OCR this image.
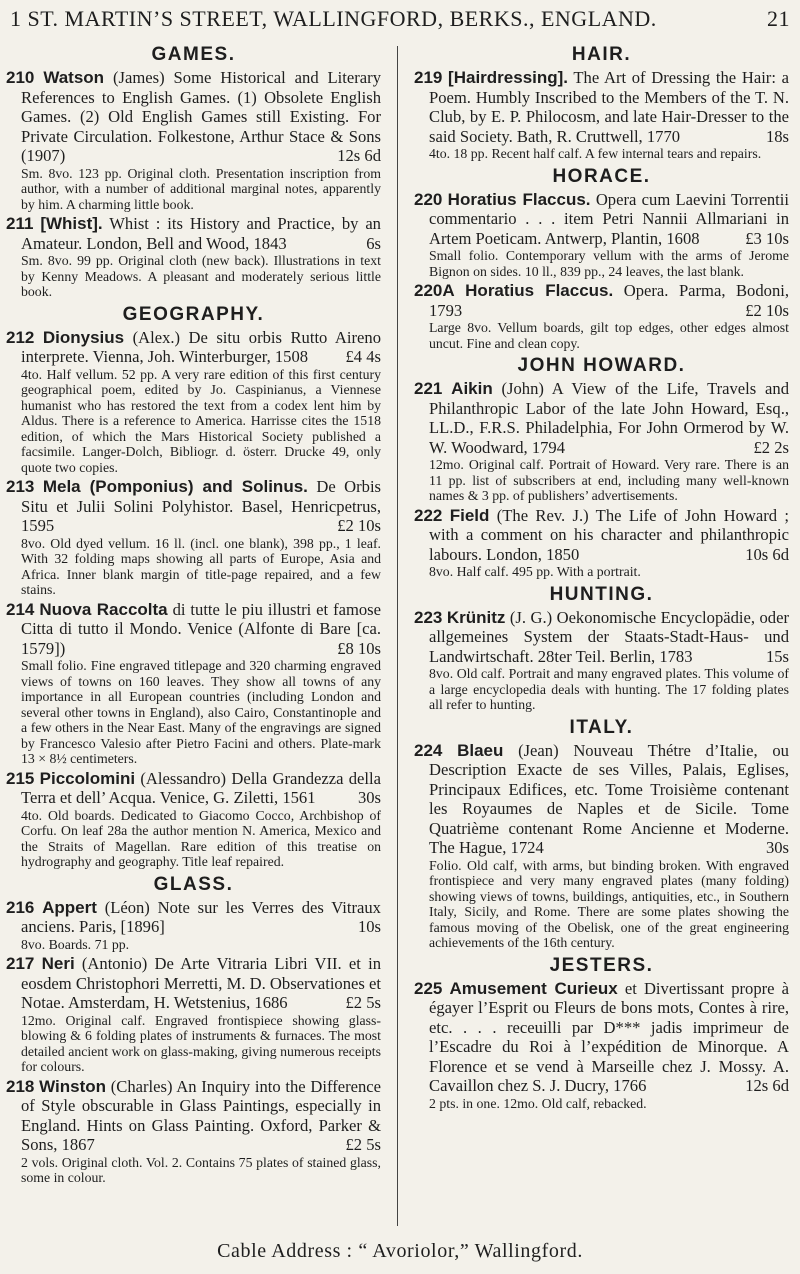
1 ST. MARTIN’S STREET, WALLINGFORD, BERKS., ENGLAND.	21
GAMES.

210 Watson (James) Some Historical and Literary References to English Games. (1) Obsolete English Games. (2) Old English Games still Existing. For Private Circulation. Folkestone, Arthur Stace & Sons (1907)	12s 6d

Sm. 8vo. 123 pp. Original cloth. Presentation inscription from author, with a number of additional marginal notes, apparently by him. A charming little book.

211 [Whist]. Whist : its History and Practice, by an Amateur. London, Bell and Wood, 1843	6s

Sm. 8vo. 99 pp. Original cloth (new back). Illustrations in text by Kenny Meadows. A pleasant and moderately serious little book.

GEOGRAPHY.

212 Dionysius (Alex.) De situ orbis Rutto Aireno interprete. Vienna, Joh. Winterburger, 1508 £4 4s

4to. Half vellum. 52 pp. A very rare edition of this first century geographical poem, edited by Jo. Caspinianus, a Viennese humanist who has restored the text from a codex lent him by Aldus. There is a reference to America. Harrisse cites the 1518 edition, of which the Mars Historical Society published a facsimile. Langer-Dolch, Bibliogr. d. österr. Drucke 49, only quote two copies.

213 Mela (Pomponius) and Solinus. De Orbis Situ et Julii Solini Polyhistor. Basel, Henricpetrus, 1595	£2 10s

8vo. Old dyed vellum. 16 ll. (incl. one blank), 398 pp., 1 leaf. With 32 folding maps showing all parts of Europe, Asia and Africa. Inner blank margin of title-page repaired, and a few stains.

214 Nuova Raccolta di tutte le piu illustri et famose Citta di tutto il Mondo. Venice (Alfonte di Bare [ca. 1579])	£8 10s

Small folio. Fine engraved titlepage and 320 charming engraved views of towns on 160 leaves. They show all towns of any importance in all European countries (including London and several other towns in England), also Cairo, Constantinople and a few others in the Near East. Many of the engravings are signed by Francesco Valesio after Pietro Facini and others. Plate-mark 13 × 8½ centimeters.

215 Piccolomini (Alessandro) Della Grandezza della Terra et dell’ Acqua. Venice, G. Ziletti, 1561	30s

4to. Old boards. Dedicated to Giacomo Cocco, Archbishop of Corfu. On leaf 28a the author mention N. America, Mexico and the Straits of Magellan. Rare edition of this treatise on hydrography and geography. Title leaf repaired.

GLASS.

216 Appert (Léon) Note sur les Verres des Vitraux anciens. Paris, [1896]	10s

8vo. Boards. 71 pp.

217 Neri (Antonio) De Arte Vitraria Libri VII. et in eosdem Christophori Merretti, M. D. Observationes et Notae. Amsterdam, H. Wetstenius, 1686	£2 5s

12mo. Original calf. Engraved frontispiece showing glass-blowing & 6 folding plates of instruments & furnaces. The most detailed ancient work on glass-making, giving numerous receipts for colours.

218 Winston (Charles) An Inquiry into the Difference of Style obscurable in Glass Paintings, especially in England. Hints on Glass Painting. Oxford, Parker & Sons, 1867	£2 5s

2 vols. Original cloth. Vol. 2. Contains 75 plates of stained glass, some in colour.

HAIR.

219 [Hairdressing]. The Art of Dressing the Hair: a Poem. Humbly Inscribed to the Members of the T. N. Club, by E. P. Philocosm, and late Hair-Dresser to the said Society. Bath, R. Cruttwell, 1770	18s

4to. 18 pp. Recent half calf. A few internal tears and repairs.

HORACE.

220 Horatius Flaccus. Opera cum Laevini Torrentii commentario . . . item Petri Nannii Allmariani in Artem Poeticam. Antwerp, Plantin, 1608	£3 10s

Small folio. Contemporary vellum with the arms of Jerome Bignon on sides. 10 ll., 839 pp., 24 leaves, the last blank.

220A Horatius Flaccus. Opera. Parma, Bodoni, 1793	£2 10s

Large 8vo. Vellum boards, gilt top edges, other edges almost uncut. Fine and clean copy.

JOHN HOWARD.

221 Aikin (John) A View of the Life, Travels and Philanthropic Labor of the late John Howard, Esq., LL.D., F.R.S. Philadelphia, For John Ormerod by W. W. Woodward, 1794	£2 2s

12mo. Original calf. Portrait of Howard. Very rare. There is an 11 pp. list of subscribers at end, including many well-known names & 3 pp. of publishers’ advertisements.

222 Field (The Rev. J.) The Life of John Howard ; with a comment on his character and philanthropic labours. London, 1850	10s 6d

8vo. Half calf. 495 pp. With a portrait.

HUNTING.

223 Krünitz (J. G.) Oekonomische Encyclopädie, oder allgemeines System der Staats-Stadt-Haus- und Landwirtschaft. 28ter Teil. Berlin, 1783	15s

8vo. Old calf. Portrait and many engraved plates. This volume of a large encyclopedia deals with hunting. The 17 folding plates all refer to hunting.

ITALY.

224 Blaeu (Jean) Nouveau Thétre d’Italie, ou Description Exacte de ses Villes, Palais, Eglises, Principaux Edifices, etc. Tome Troisième contenant les Royaumes de Naples et de Sicile. Tome Quatrième contenant Rome Ancienne et Moderne. The Hague, 1724	30s

Folio. Old calf, with arms, but binding broken. With engraved frontispiece and very many engraved plates (many folding) showing views of towns, buildings, antiquities, etc., in Southern Italy, Sicily, and Rome. There are some plates showing the famous moving of the Obelisk, one of the great engineering achievements of the 16th century.

JESTERS.

225 Amusement Curieux et Divertissant propre à égayer l’Esprit ou Fleurs de bons mots, Contes à rire, etc. . . . receuilli par D*** jadis imprimeur de l’Escadre du Roi à l’expédition de Minorque. A Florence et se vend à Marseille chez J. Mossy. A. Cavaillon chez S. J. Ducry, 1766	12s 6d

2 pts. in one. 12mo. Old calf, rebacked.

Cable Address : “ Avoriolor,” Wallingford.
